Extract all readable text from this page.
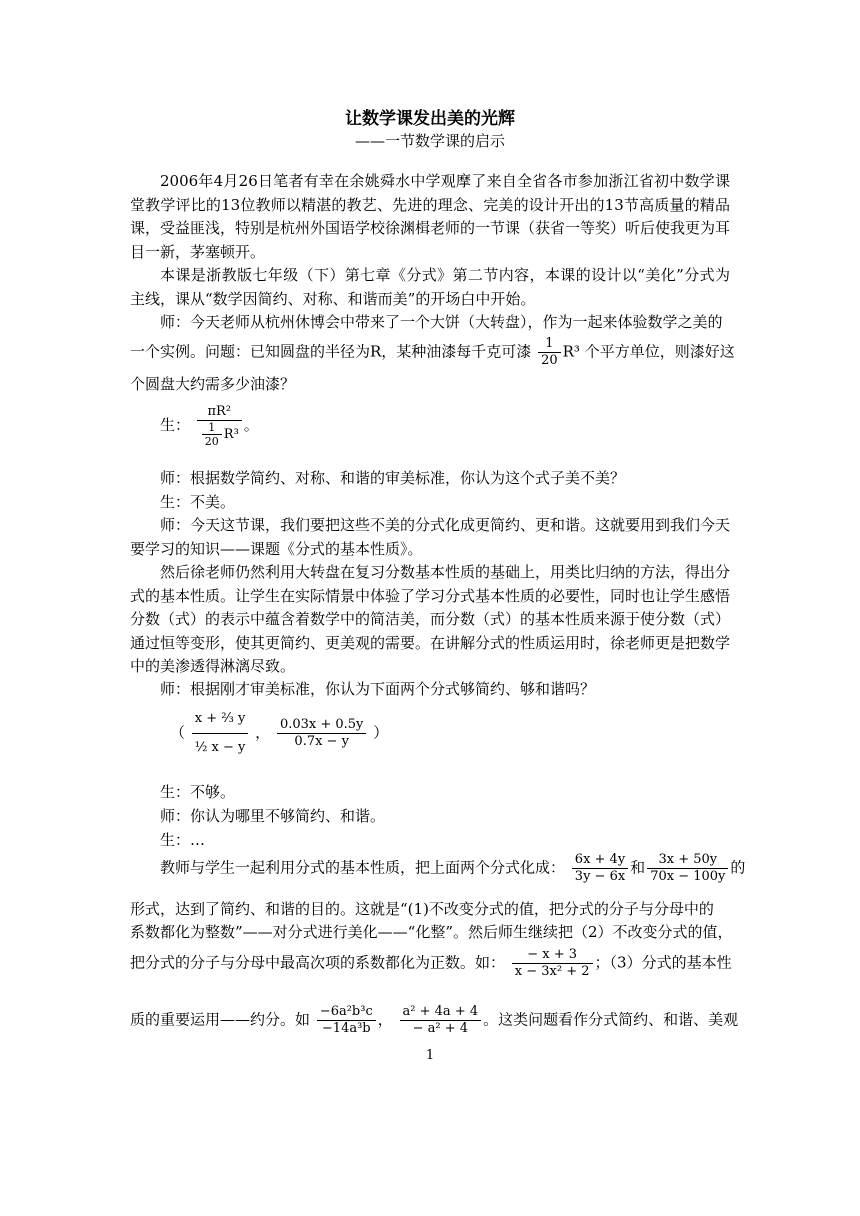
让数学课发出美的光辉
——一节数学课的启示
2006年4月26日笔者有幸在余姚舜水中学观摩了来自全省各市参加浙江省初中数学课堂教学评比的13位教师以精湛的教艺、先进的理念、完美的设计开出的13节高质量的精品课，受益匪浅，特别是杭州外国语学校徐渊楫老师的一节课（获省一等奖）听后使我更为耳目一新，茅塞顿开。
本课是浙教版七年级（下）第七章《分式》第二节内容，本课的设计以“美化”分式为主线，课从“数学因简约、对称、和谐而美”的开场白中开始。
师：今天老师从杭州休博会中带来了一个大饼（大转盘），作为一起来体验数学之美的
一个实例。问题：已知圆盘的半径为R，某种油漆每千克可漆 $\frac{1}{20} R^3$ 个平方单位，则漆好这
个圆盘大约需多少油漆？
生： $\frac{\text{πR²}}{\frac{1}{20} R^3}$ 。
师：根据数学简约、对称、和谐的审美标准，你认为这个式子美不美？
生：不美。
师：今天这节课，我们要把这些不美的分式化成更简约、更和谐。这就要用到我们今天要学习的知识——课题《分式的基本性质》。
然后徐老师仍然利用大转盘在复习分数基本性质的基础上，用类比归纳的方法，得出分式的基本性质。让学生在实际情景中体验了学习分式基本性质的必要性，同时也让学生感悟分数（式）的表示中蕴含着数学中的简洁美，而分数（式）的基本性质来源于使分数（式）通过恒等变形，使其更简约、更美观的需要。在讲解分式的性质运用时，徐老师更是把数学中的美渗透得淋漓尽致。
师：根据刚才审美标准，你认为下面两个分式够简约、够和谐吗？
（ $\frac{\text{x + ²⁄₃ y}}{\text{½ x − y}}$ ， $\frac{0.03x + 0.5y}{0.7x - y}$ ）
生：不够。
师：你认为哪里不够简约、和谐。
生：…
教师与学生一起利用分式的基本性质，把上面两个分式化成： $\frac{6x + 4y}{3y - 6x}$ 和 $\frac{3x + 50y}{70x - 100y}$ 的
形式，达到了简约、和谐的目的。这就是“(1)不改变分式的值，把分式的分子与分母中的
系数都化为整数”——对分式进行美化——“化整”。然后师生继续把（2）不改变分式的值，
把分式的分子与分母中最高次项的系数都化为正数。如： $\frac{- x + 3}{\text{x − 3x² + 2}}$ ；（3）分式的基本性
质的重要运用——约分。如 $\frac{\text{−6a²b³c}}{\text{−14a³b}}$ ， $\frac{\text{a² + 4a + 4}}{\text{− a² + 4}}$ 。这类问题看作分式简约、和谐、美观
1
